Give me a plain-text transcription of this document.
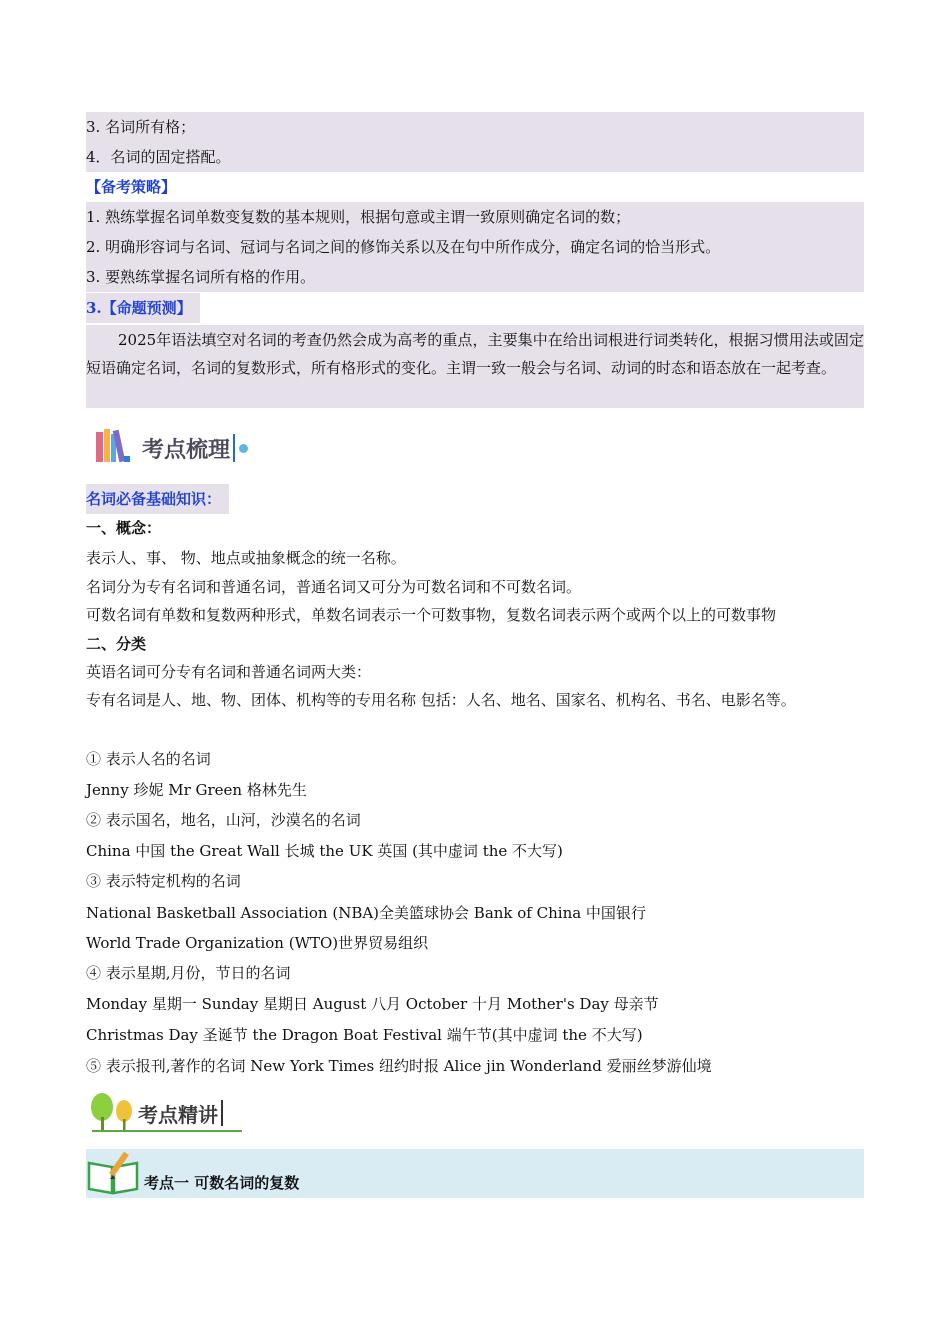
3. 名词所有格；
4．名词的固定搭配。
【备考策略】
1. 熟练掌握名词单数变复数的基本规则，根据句意或主谓一致原则确定名词的数；
2. 明确形容词与名词、冠词与名词之间的修饰关系以及在句中所作成分，确定名词的恰当形式。
3. 要熟练掌握名词所有格的作用。
3.【命题预测】
2025年语法填空对名词的考查仍然会成为高考的重点，主要集中在给出词根进行词类转化，根据习惯用法或固定短语确定名词，名词的复数形式，所有格形式的变化。主谓一致一般会与名词、动词的时态和语态放在一起考查。
考点梳理
名词必备基础知识：
一、概念：
表示人、事、 物、地点或抽象概念的统一名称。
名词分为专有名词和普通名词，普通名词又可分为可数名词和不可数名词。
可数名词有单数和复数两种形式，单数名词表示一个可数事物，复数名词表示两个或两个以上的可数事物
二、分类
英语名词可分专有名词和普通名词两大类：
专有名词是人、地、物、团体、机构等的专用名称 包括：人名、地名、国家名、机构名、书名、电影名等。
① 表示人名的名词
Jenny 珍妮 Mr Green 格林先生
② 表示国名，地名，山河，沙漠名的名词
China 中国 the Great Wall 长城 the UK 英国 (其中虚词 the 不大写)
③ 表示特定机构的名词
National Basketball Association (NBA)全美篮球协会 Bank of China 中国银行
World Trade Organization (WTO)世界贸易组织
④ 表示星期,月份，节日的名词
Monday 星期一 Sunday 星期日 August 八月 October 十月 Mother's Day 母亲节
Christmas Day 圣诞节 the Dragon Boat Festival 端午节(其中虚词 the 不大写)
⑤ 表示报刊,著作的名词 New York Times 纽约时报 Alice jin Wonderland 爱丽丝梦游仙境
考点精讲
考点一 可数名词的复数
